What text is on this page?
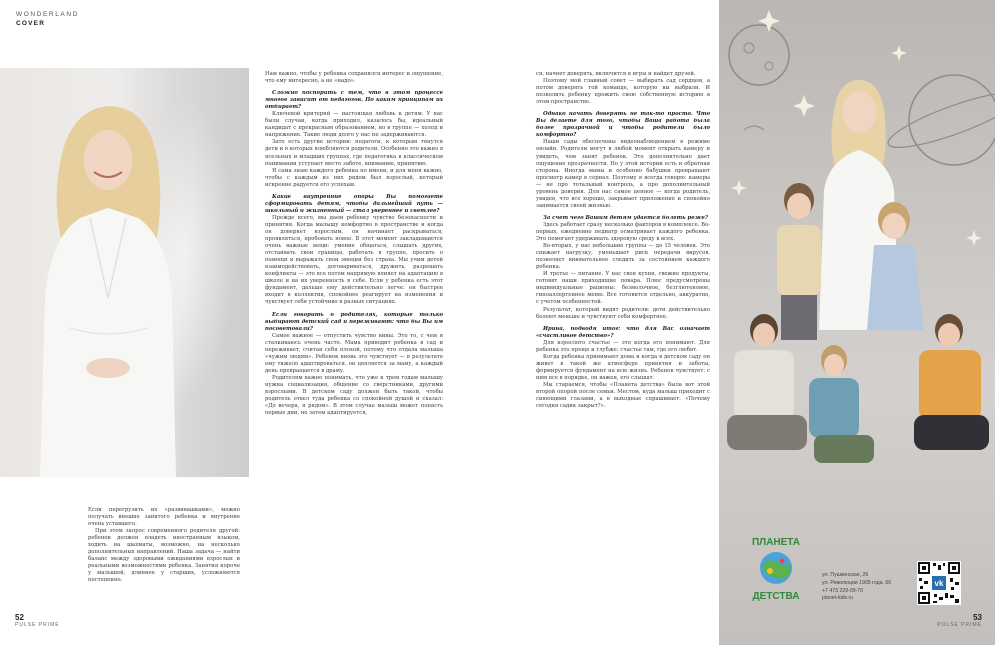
WONDERLAND
COVER

Если перегрузить их «развивашками», можно получать внешне занятого ребенка и внутренне очень уставшего.

При этом запрос современного родителя другой: ребенок должен владеть иностранным языком, ходить на шахматы, возможно, на несколько дополнительных направлений. Наша задача — найти баланс между здоровыми ожиданиями взрослых и реальными возможностями ребенка. Занятия короче у малышей, длиннее у старших, усложняются постепенно.

Нам важно, чтобы у ребенка сохранялся интерес и ощущение, что ему интересно, а не «надо».

Сложно поспорить с тем, что в этом процессе многое зависит от педагогов. По каким принципам их отбирает?

Ключевой критерий — настоящая любовь к детям. У нас были случаи, когда приходил, казалось бы, идеальный кандидат с прекрасным образованием, но в группе — холод и напряжение. Такие люди долго у нас не задерживаются.

Зато есть другие истории: педагоги, к которым тянутся дети и в которых влюбляются родители. Особенно это важно в ясельных и младших группах, где педагогика в классическом понимании уступает место заботе, вниманию, принятию.

Я сама знаю каждого ребенка по имени, и для меня важно, чтобы с каждым из них рядом был взрослый, который искренне радуется его успехам.

Какие внутренние опоры Вы помогаете сформировать детям, чтобы дальнейший путь — школьный и жизненный — стал увереннее и светлее?

Прежде всего, мы даем ребенку чувство безопасности и принятия. Когда малышу комфортно в пространстве и когда он доверяет взрослым, он начинает раскрываться, проявляться, пробовать новое. В этот момент закладываются очень важные вещи: умение общаться, слышать других, отстаивать свои границы, работать в группе, просить о помощи и выражать свои эмоции без страха. Мы учим детей взаимодействовать, договариваться, дружить, разрешать конфликты — это все потом напрямую влияет на адаптацию в школе и на их уверенность в себе. Если у ребенка есть этот фундамент, дальше ему действительно легче: он быстрее входит в коллектив, спокойнее реагирует на изменения и чувствует себя устойчиво в разных ситуациях.

Если говорить о родителях, которые только выбирают детский сад и переживают: что бы Вы им посоветовали?

Самое важное — отпустить чувство вины. Это то, с чем я сталкиваюсь очень часто. Мама приводит ребенка в сад и переживает, считая себя плохой, потому что отдала малыша «чужим людям». Ребенок вновь это чувствует — в результате ему тяжело адаптироваться, он цепляется за маму, а каждый день превращается в драму.

Родителям важно понимать, что уже к трем годам малышу нужна социализация, общение со сверстниками, другими взрослыми. В детском саду должен быть такой, чтобы родитель отвел туда ребенка со спокойной душой и сказал: «До вечера, я рядом». В этом случае малыш может попасть первые дни, но затем адаптируется,

ся, начнет доверять, включится в игры и найдет друзей.

Поэтому мой главный совет — выбирать сад сердцем, а потом доверять той команде, которую вы выбрали. И позволить ребенку прожить свою собственную историю в этом пространстве.

Однако начать доверять не так-то просто. Что Вы делаете для того, чтобы Ваша работа была более прозрачной и чтобы родители было комфортно?

Наши сады обеспечены видеонаблюдением в режиме онлайн. Родители могут в любой момент открыть камеру и увидеть, чем занят ребенок. Это дополнительно дает ощущение прозрачности. Но у этой истории есть и обратная сторона. Иногда мамы и особенно бабушки превращают просмотр камер в сериал. Поэтому я всегда говорю: камеры — не про тотальный контроль, а про дополнительный уровень доверия. Для нас самое ценное — когда родитель, увидев, что все хорошо, закрывает приложение и спокойно занимается своей жизнью.

За счет чего Вашим детям удается болеть реже?

Здесь работает сразу несколько факторов в комплексе. Во-первых, ежедневно педиатр осматривает каждого ребенка. Это помогает удерживать здоровую среду в всех.

Во-вторых, у нас небольшие группы — до 15 человек. Это снижает нагрузку, уменьшает риск передачи вирусов, позволяет внимательнее следить за состоянием каждого ребенка.

И третье — питание. У нас своя кухня, свежие продукты, готовят наши приходящие повара. Плюс предусмотрены индивидуальные рационы: безмолочное, безглютеновое, гипоаллергенное меню. Все готовится отдельно, аккуратно, с учетом особенностей.

Результат, который видят родители: дети действительно болеют меньше и чувствуют себя комфортнее.

Ирина, подводя итог: что для Вас означает «счастливое детство»?

Для взрослого счастье — это когда его понимают. Для ребенка это проще и глубже: счастье там, где его любят.

Когда ребенка принимают дома и когда в детском саду он живет в такой же атмосфере принятия и заботы, формируется фундамент на всю жизнь. Ребенок чувствует: с ним все в порядке, он важен, его слышат.

Мы стараемся, чтобы «Планета детства» была вот этой второй опорой после семьи. Местом, куда малыш приходит с сияющими глазами, а в выходные спрашивает: «Почему сегодня садик закрыт?».

52
PULSE PRIME
53
PULSE PRIME
ПЛАНЕТА
ДЕТСТВА
ул. Пушкинская, 26
ул. Революции 1905 года, 66
+7 473 229-09-70
planet-kids.ru
vk
